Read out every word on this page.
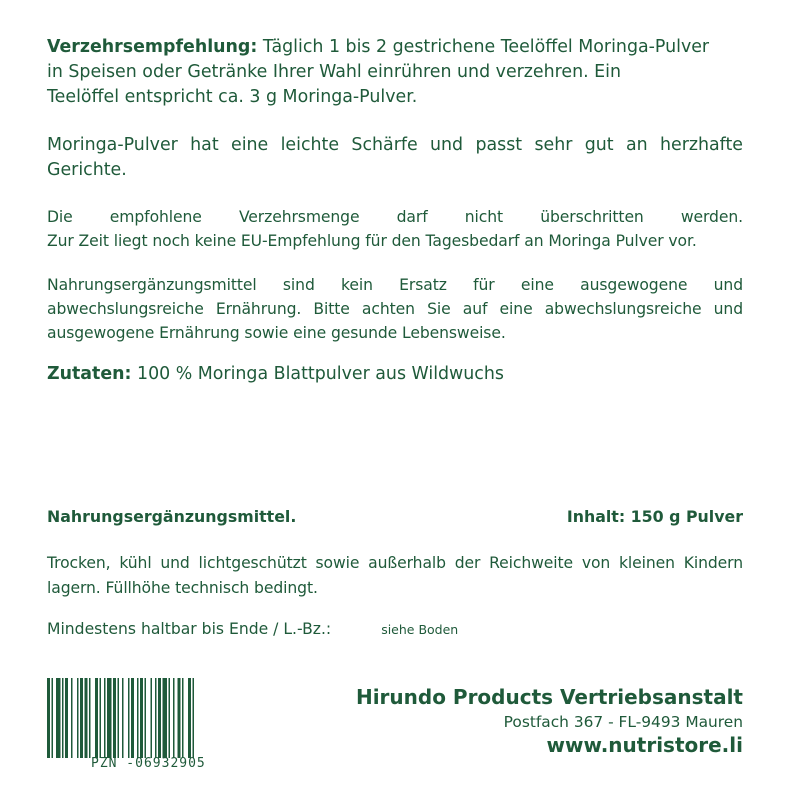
Verzehrsempfehlung: Täglich 1 bis 2 gestrichene Teelöffel Moringa-Pulver
in Speisen oder Getränke Ihrer Wahl einrühren und verzehren. Ein Teelöffel entspricht ca. 3 g Moringa-Pulver.
Moringa-Pulver hat eine leichte Schärfe und passt sehr gut an herzhafte Gerichte.
Die empfohlene Verzehrsmenge darf nicht überschritten werden.
Zur Zeit liegt noch keine EU-Empfehlung für den Tagesbedarf an Moringa Pulver vor.
Nahrungsergänzungsmittel sind kein Ersatz für eine ausgewogene und abwechslungsreiche Ernährung. Bitte achten Sie auf eine abwechslungsreiche und ausgewogene Ernährung sowie eine gesunde Lebensweise.
Zutaten: 100 % Moringa Blattpulver aus Wildwuchs
Nahrungsergänzungsmittel.	Inhalt: 150 g Pulver
Trocken, kühl und lichtgeschützt sowie außerhalb der Reichweite von kleinen Kindern lagern. Füllhöhe technisch bedingt.
Mindestens haltbar bis Ende / L.-Bz.:	siehe Boden
PZN -06932905
Hirundo Products Vertriebsanstalt
Postfach 367 - FL-9493 Mauren
www.nutristore.li
